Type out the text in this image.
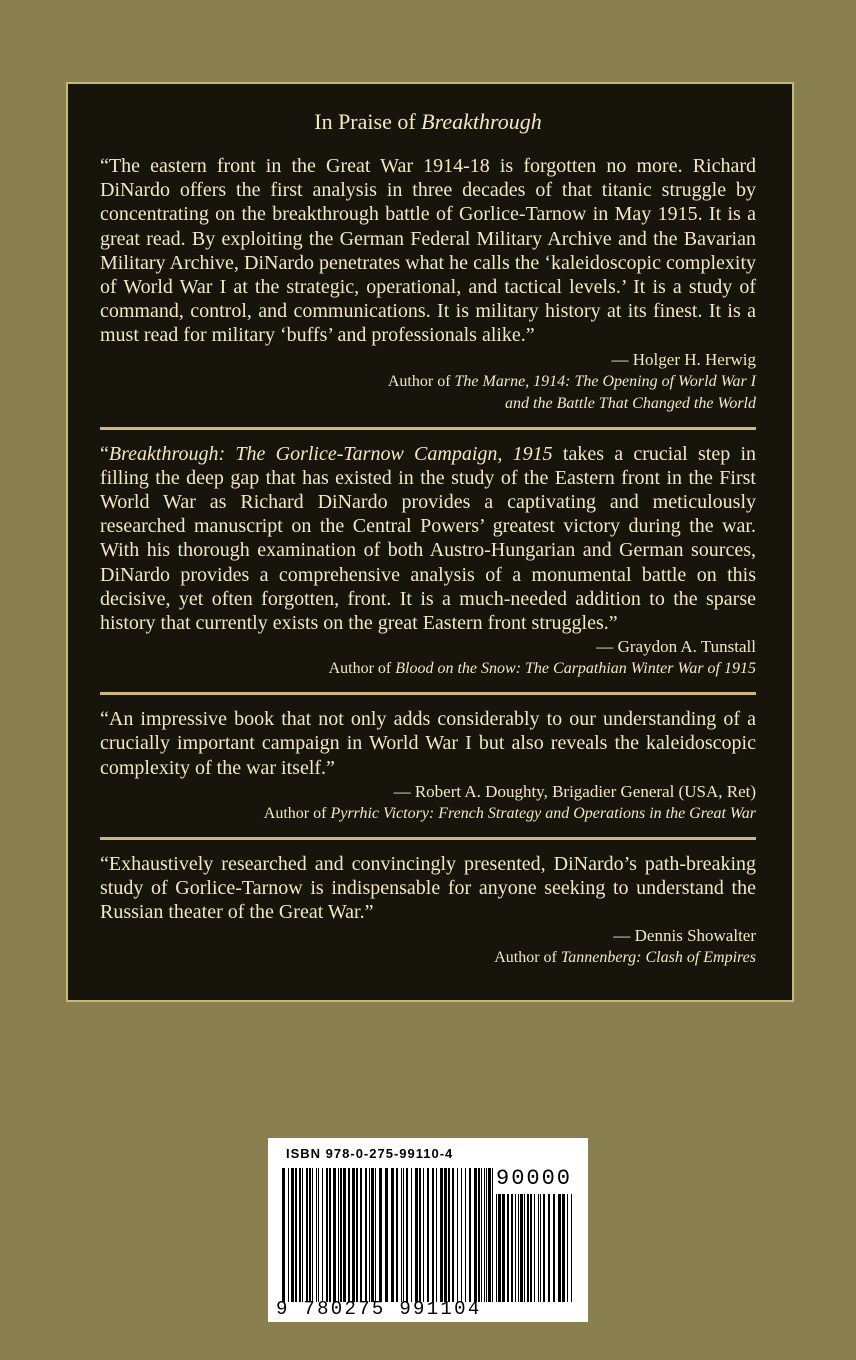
In Praise of Breakthrough

“The eastern front in the Great War 1914-18 is forgotten no more. Richard DiNardo offers the first analysis in three decades of that titanic struggle by concentrating on the breakthrough battle of Gorlice-Tarnow in May 1915. It is a great read. By exploiting the German Federal Military Archive and the Bavarian Military Archive, DiNardo penetrates what he calls the ‘kaleidoscopic complexity of World War I at the strategic, operational, and tactical levels.’ It is a study of command, control, and communications. It is military history at its finest. It is a must read for military ‘buffs’ and professionals alike.”

— Holger H. Herwig
Author of The Marne, 1914: The Opening of World War I
and the Battle That Changed the World

“Breakthrough: The Gorlice-Tarnow Campaign, 1915 takes a crucial step in filling the deep gap that has existed in the study of the Eastern front in the First World War as Richard DiNardo provides a captivating and meticulously researched manuscript on the Central Powers’ greatest victory during the war. With his thorough examination of both Austro-Hungarian and German sources, DiNardo provides a comprehensive analysis of a monumental battle on this decisive, yet often forgotten, front. It is a much-needed addition to the sparse history that currently exists on the great Eastern front struggles.”

— Graydon A. Tunstall
Author of Blood on the Snow: The Carpathian Winter War of 1915

“An impressive book that not only adds considerably to our understanding of a crucially important campaign in World War I but also reveals the kaleidoscopic complexity of the war itself.”

— Robert A. Doughty, Brigadier General (USA, Ret)
Author of Pyrrhic Victory: French Strategy and Operations in the Great War

“Exhaustively researched and convincingly presented, DiNardo’s path-breaking study of Gorlice-Tarnow is indispensable for anyone seeking to understand the Russian theater of the Great War.”

— Dennis Showalter
Author of Tannenberg: Clash of Empires

ISBN 978-0-275-99110-4
90000
9 780275 991104
